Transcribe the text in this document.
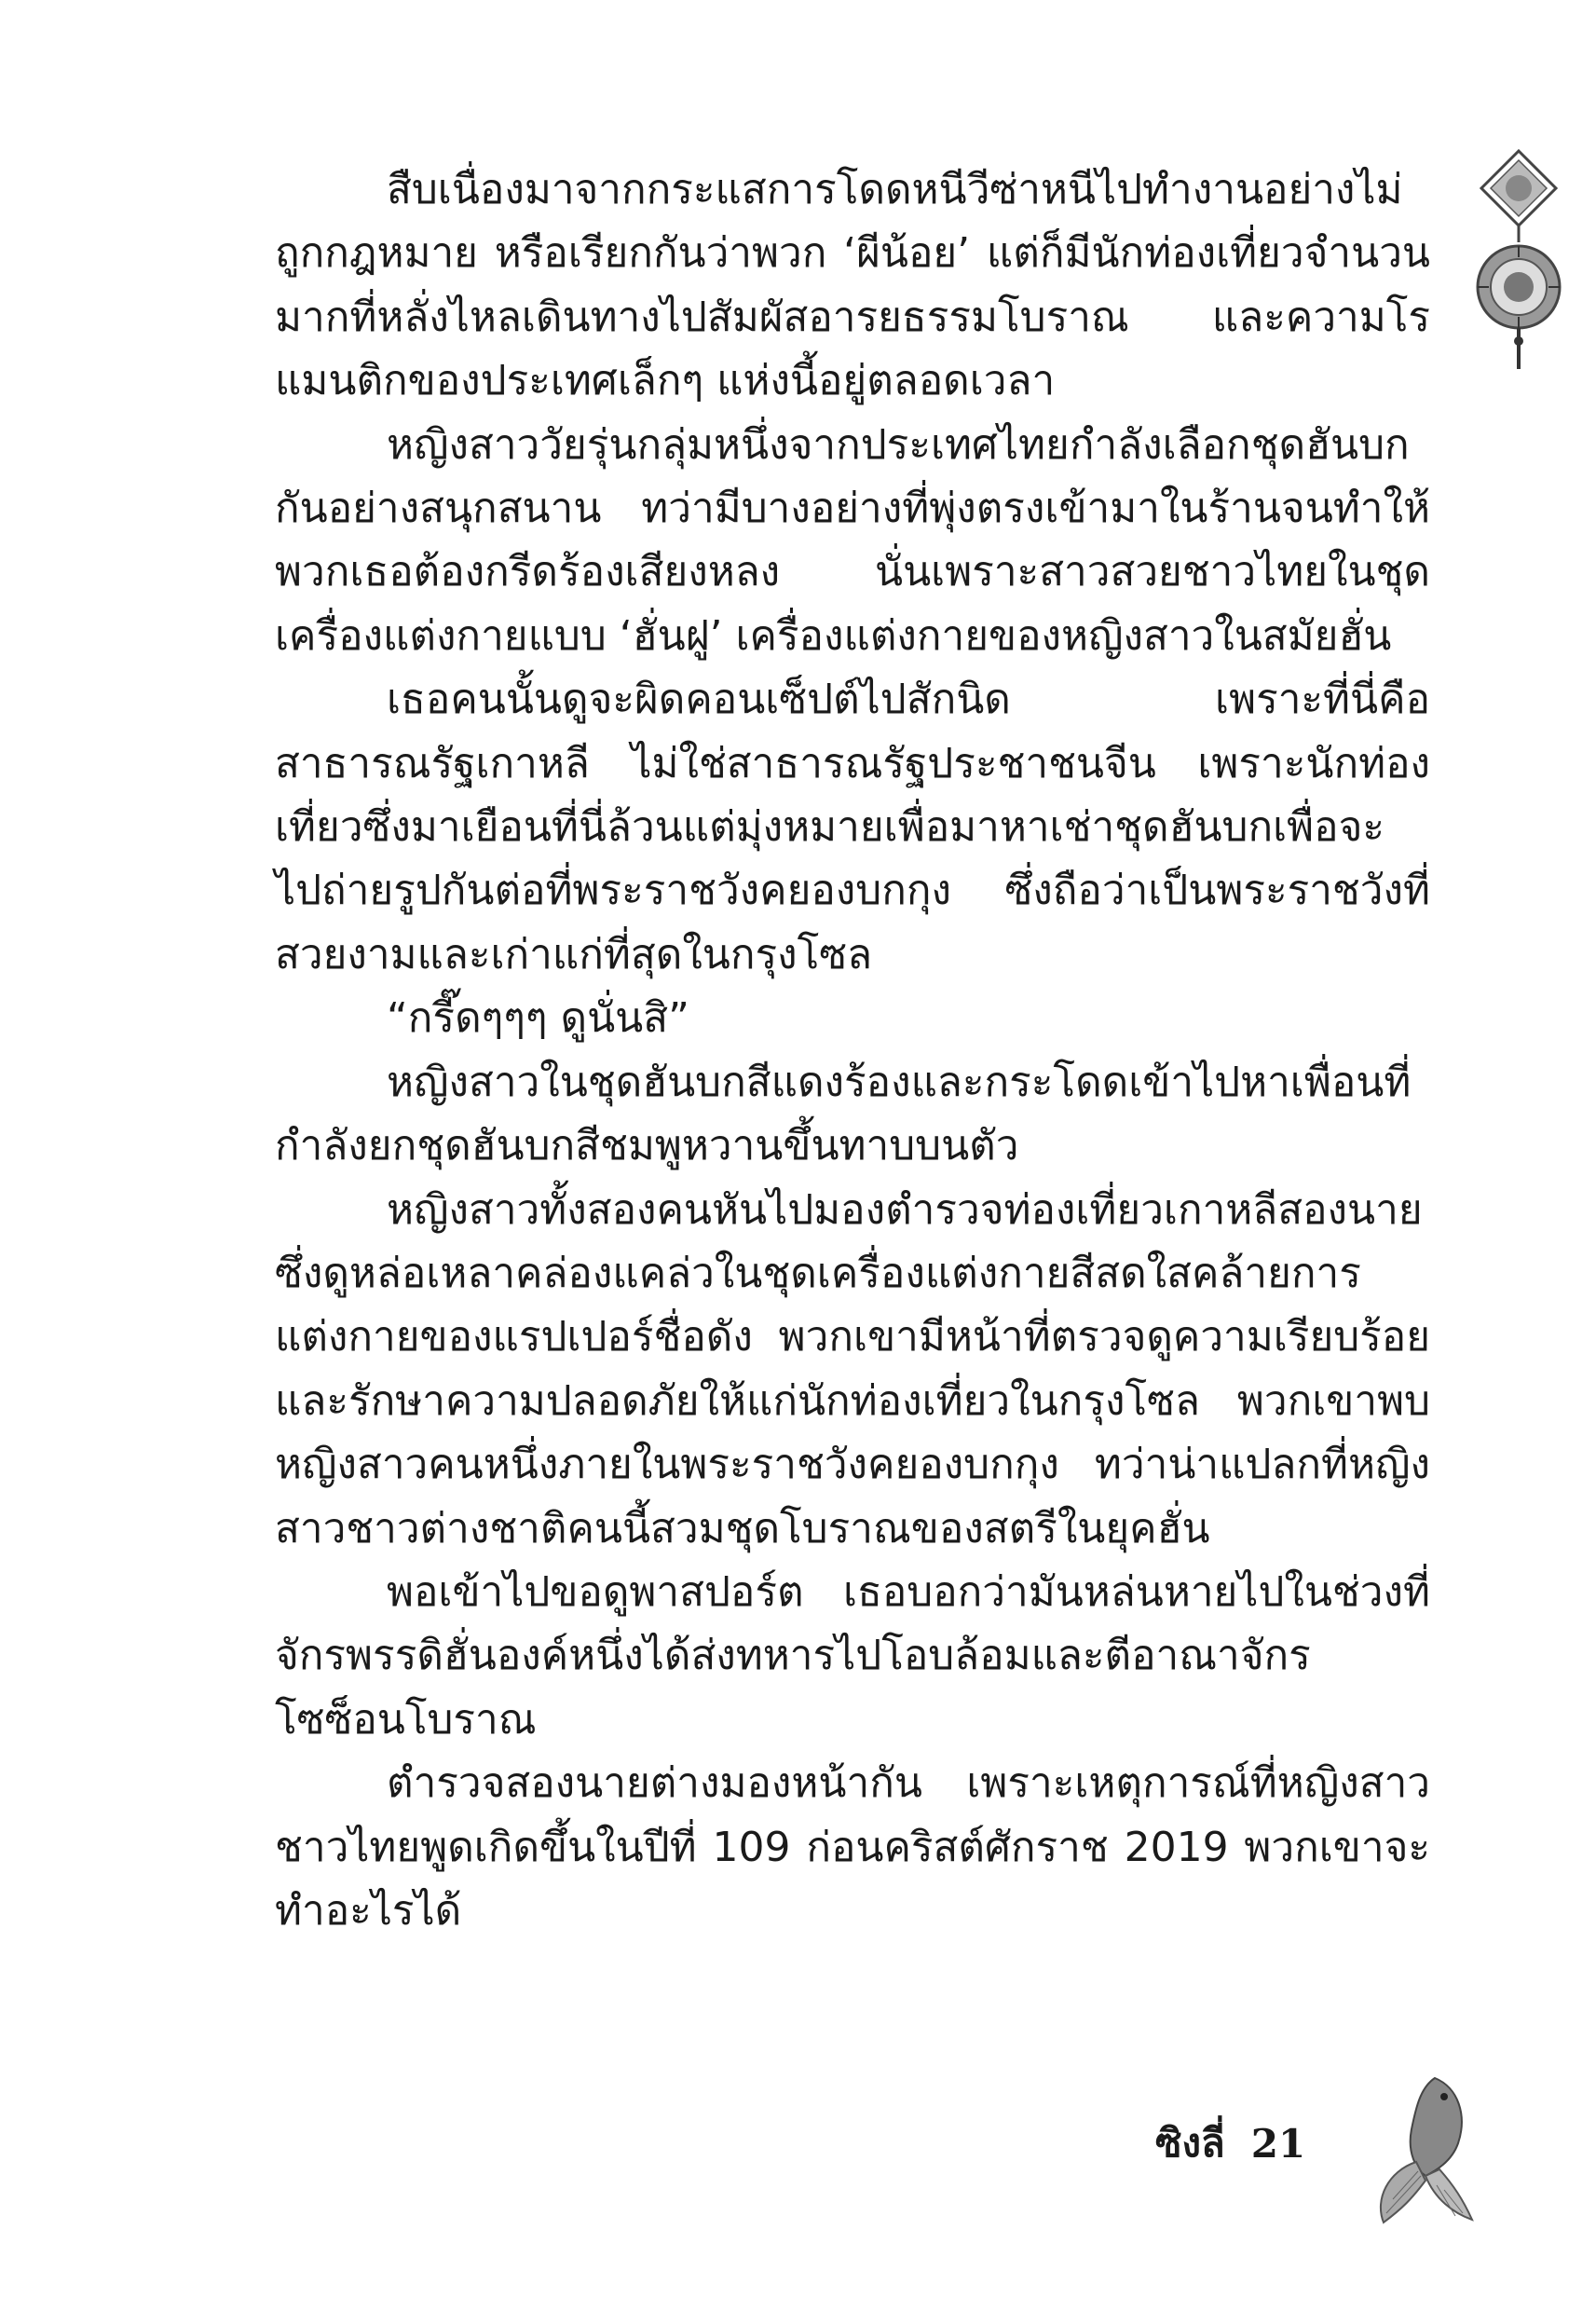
สืบเนื่องมาจากกระแสการโดดหนีวีซ่าหนีไปทำงานอย่างไม่ถูกกฎหมาย หรือเรียกกันว่าพวก ‘ผีน้อย’ แต่ก็มีนักท่องเที่ยวจำนวนมากที่หลั่งไหลเดินทางไปสัมผัสอารยธรรมโบราณ และความโรแมนติกของประเทศเล็กๆ แห่งนี้อยู่ตลอดเวลา

หญิงสาววัยรุ่นกลุ่มหนึ่งจากประเทศไทยกำลังเลือกชุดฮันบกกันอย่างสนุกสนาน ทว่ามีบางอย่างที่พุ่งตรงเข้ามาในร้านจนทำให้พวกเธอต้องกรีดร้องเสียงหลง นั่นเพราะสาวสวยชาวไทยในชุดเครื่องแต่งกายแบบ ‘ฮั่นฝู’ เครื่องแต่งกายของหญิงสาวในสมัยฮั่น

เธอคนนั้นดูจะผิดคอนเซ็ปต์ไปสักนิด เพราะที่นี่คือสาธารณรัฐเกาหลี ไม่ใช่สาธารณรัฐประชาชนจีน เพราะนักท่องเที่ยวซึ่งมาเยือนที่นี่ล้วนแต่มุ่งหมายเพื่อมาหาเช่าชุดฮันบกเพื่อจะไปถ่ายรูปกันต่อที่พระราชวังคยองบกกุง ซึ่งถือว่าเป็นพระราชวังที่สวยงามและเก่าแก่ที่สุดในกรุงโซล

“กรี๊ดๆๆๆ ดูนั่นสิ”

หญิงสาวในชุดฮันบกสีแดงร้องและกระโดดเข้าไปหาเพื่อนที่กำลังยกชุดฮันบกสีชมพูหวานขึ้นทาบบนตัว

หญิงสาวทั้งสองคนหันไปมองตำรวจท่องเที่ยวเกาหลีสองนายซึ่งดูหล่อเหลาคล่องแคล่วในชุดเครื่องแต่งกายสีสดใสคล้ายการแต่งกายของแรปเปอร์ชื่อดัง พวกเขามีหน้าที่ตรวจดูความเรียบร้อยและรักษาความปลอดภัยให้แก่นักท่องเที่ยวในกรุงโซล พวกเขาพบหญิงสาวคนหนึ่งภายในพระราชวังคยองบกกุง ทว่าน่าแปลกที่หญิงสาวชาวต่างชาติคนนี้สวมชุดโบราณของสตรีในยุคฮั่น

พอเข้าไปขอดูพาสปอร์ต เธอบอกว่ามันหล่นหายไปในช่วงที่จักรพรรดิฮั่นองค์หนึ่งได้ส่งทหารไปโอบล้อมและตีอาณาจักรโซซ็อนโบราณ

ตำรวจสองนายต่างมองหน้ากัน เพราะเหตุการณ์ที่หญิงสาวชาวไทยพูดเกิดขึ้นในปีที่ 109 ก่อนคริสต์ศักราช 2019 พวกเขาจะทำอะไรได้

ซิงลี่ 21
